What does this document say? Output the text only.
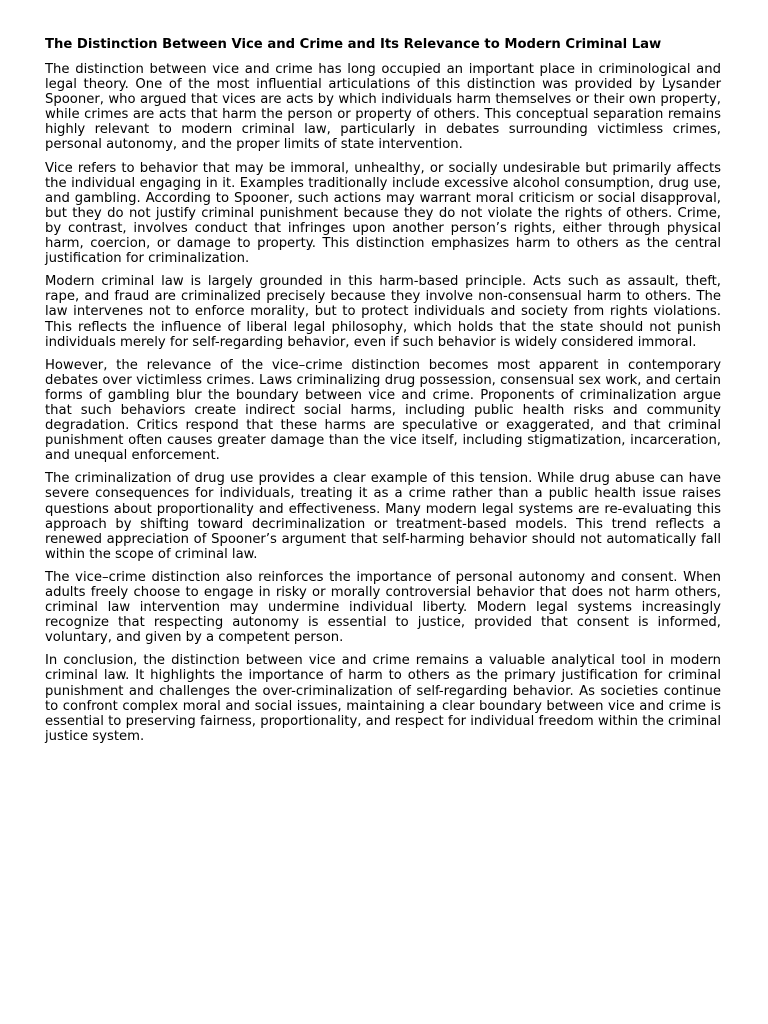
The Distinction Between Vice and Crime and Its Relevance to Modern Criminal Law

The distinction between vice and crime has long occupied an important place in criminological and legal theory. One of the most influential articulations of this distinction was provided by Lysander Spooner, who argued that vices are acts by which individuals harm themselves or their own property, while crimes are acts that harm the person or property of others. This conceptual separation remains highly relevant to modern criminal law, particularly in debates surrounding victimless crimes, personal autonomy, and the proper limits of state intervention.

Vice refers to behavior that may be immoral, unhealthy, or socially undesirable but primarily affects the individual engaging in it. Examples traditionally include excessive alcohol consumption, drug use, and gambling. According to Spooner, such actions may warrant moral criticism or social disapproval, but they do not justify criminal punishment because they do not violate the rights of others. Crime, by contrast, involves conduct that infringes upon another person’s rights, either through physical harm, coercion, or damage to property. This distinction emphasizes harm to others as the central justification for criminalization.

Modern criminal law is largely grounded in this harm-based principle. Acts such as assault, theft, rape, and fraud are criminalized precisely because they involve non-consensual harm to others. The law intervenes not to enforce morality, but to protect individuals and society from rights violations. This reflects the influence of liberal legal philosophy, which holds that the state should not punish individuals merely for self-regarding behavior, even if such behavior is widely considered immoral.

However, the relevance of the vice–crime distinction becomes most apparent in contemporary debates over victimless crimes. Laws criminalizing drug possession, consensual sex work, and certain forms of gambling blur the boundary between vice and crime. Proponents of criminalization argue that such behaviors create indirect social harms, including public health risks and community degradation. Critics respond that these harms are speculative or exaggerated, and that criminal punishment often causes greater damage than the vice itself, including stigmatization, incarceration, and unequal enforcement.

The criminalization of drug use provides a clear example of this tension. While drug abuse can have severe consequences for individuals, treating it as a crime rather than a public health issue raises questions about proportionality and effectiveness. Many modern legal systems are re-evaluating this approach by shifting toward decriminalization or treatment-based models. This trend reflects a renewed appreciation of Spooner’s argument that self-harming behavior should not automatically fall within the scope of criminal law.

The vice–crime distinction also reinforces the importance of personal autonomy and consent. When adults freely choose to engage in risky or morally controversial behavior that does not harm others, criminal law intervention may undermine individual liberty. Modern legal systems increasingly recognize that respecting autonomy is essential to justice, provided that consent is informed, voluntary, and given by a competent person.

In conclusion, the distinction between vice and crime remains a valuable analytical tool in modern criminal law. It highlights the importance of harm to others as the primary justification for criminal punishment and challenges the over-criminalization of self-regarding behavior. As societies continue to confront complex moral and social issues, maintaining a clear boundary between vice and crime is essential to preserving fairness, proportionality, and respect for individual freedom within the criminal justice system.
